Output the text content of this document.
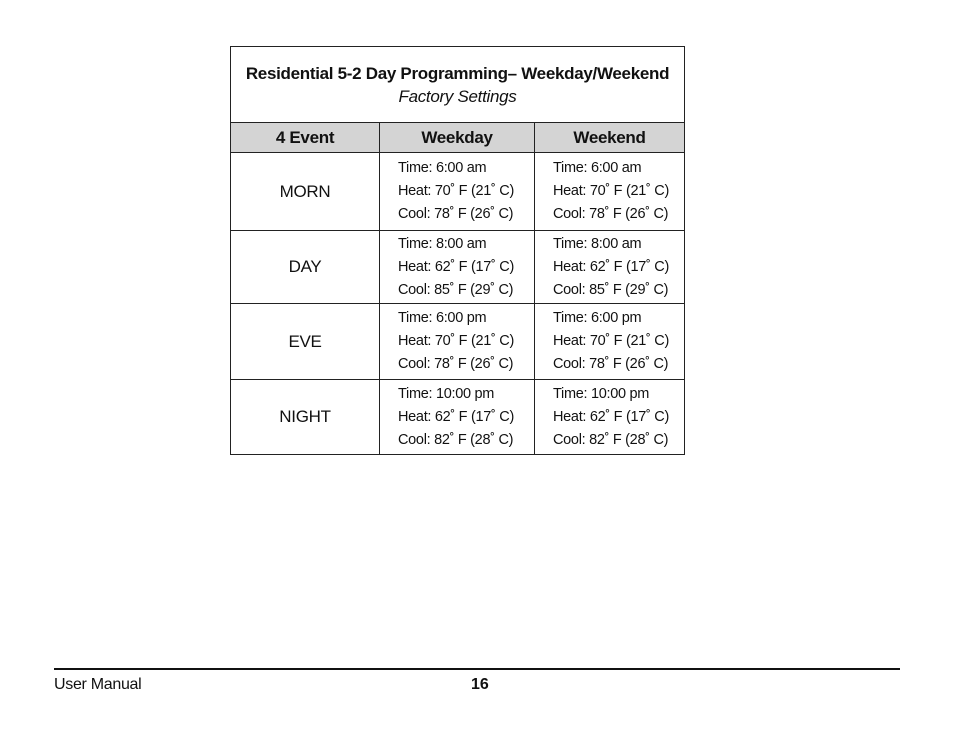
Residential 5-2 Day Programming– Weekday/Weekend
Factory Settings		

4 Event	Weekday	Weekend
MORN	Time: 6:00 am
Heat: 70˚ F (21˚ C)
Cool: 78˚ F (26˚ C)	Time: 6:00 am
Heat: 70˚ F (21˚ C)
Cool: 78˚ F (26˚ C)

DAY	Time: 8:00 am
Heat: 62˚ F (17˚ C)
Cool: 85˚ F (29˚ C)	Time: 8:00 am
Heat: 62˚ F (17˚ C)
Cool: 85˚ F (29˚ C)

EVE	Time: 6:00 pm
Heat: 70˚ F (21˚ C)
Cool: 78˚ F (26˚ C)	Time: 6:00 pm
Heat: 70˚ F (21˚ C)
Cool: 78˚ F (26˚ C)

NIGHT	Time: 10:00 pm
Heat: 62˚ F (17˚ C)
Cool: 82˚ F (28˚ C)	Time: 10:00 pm
Heat: 62˚ F (17˚ C)
Cool: 82˚ F (28˚ C)
User Manual	16
